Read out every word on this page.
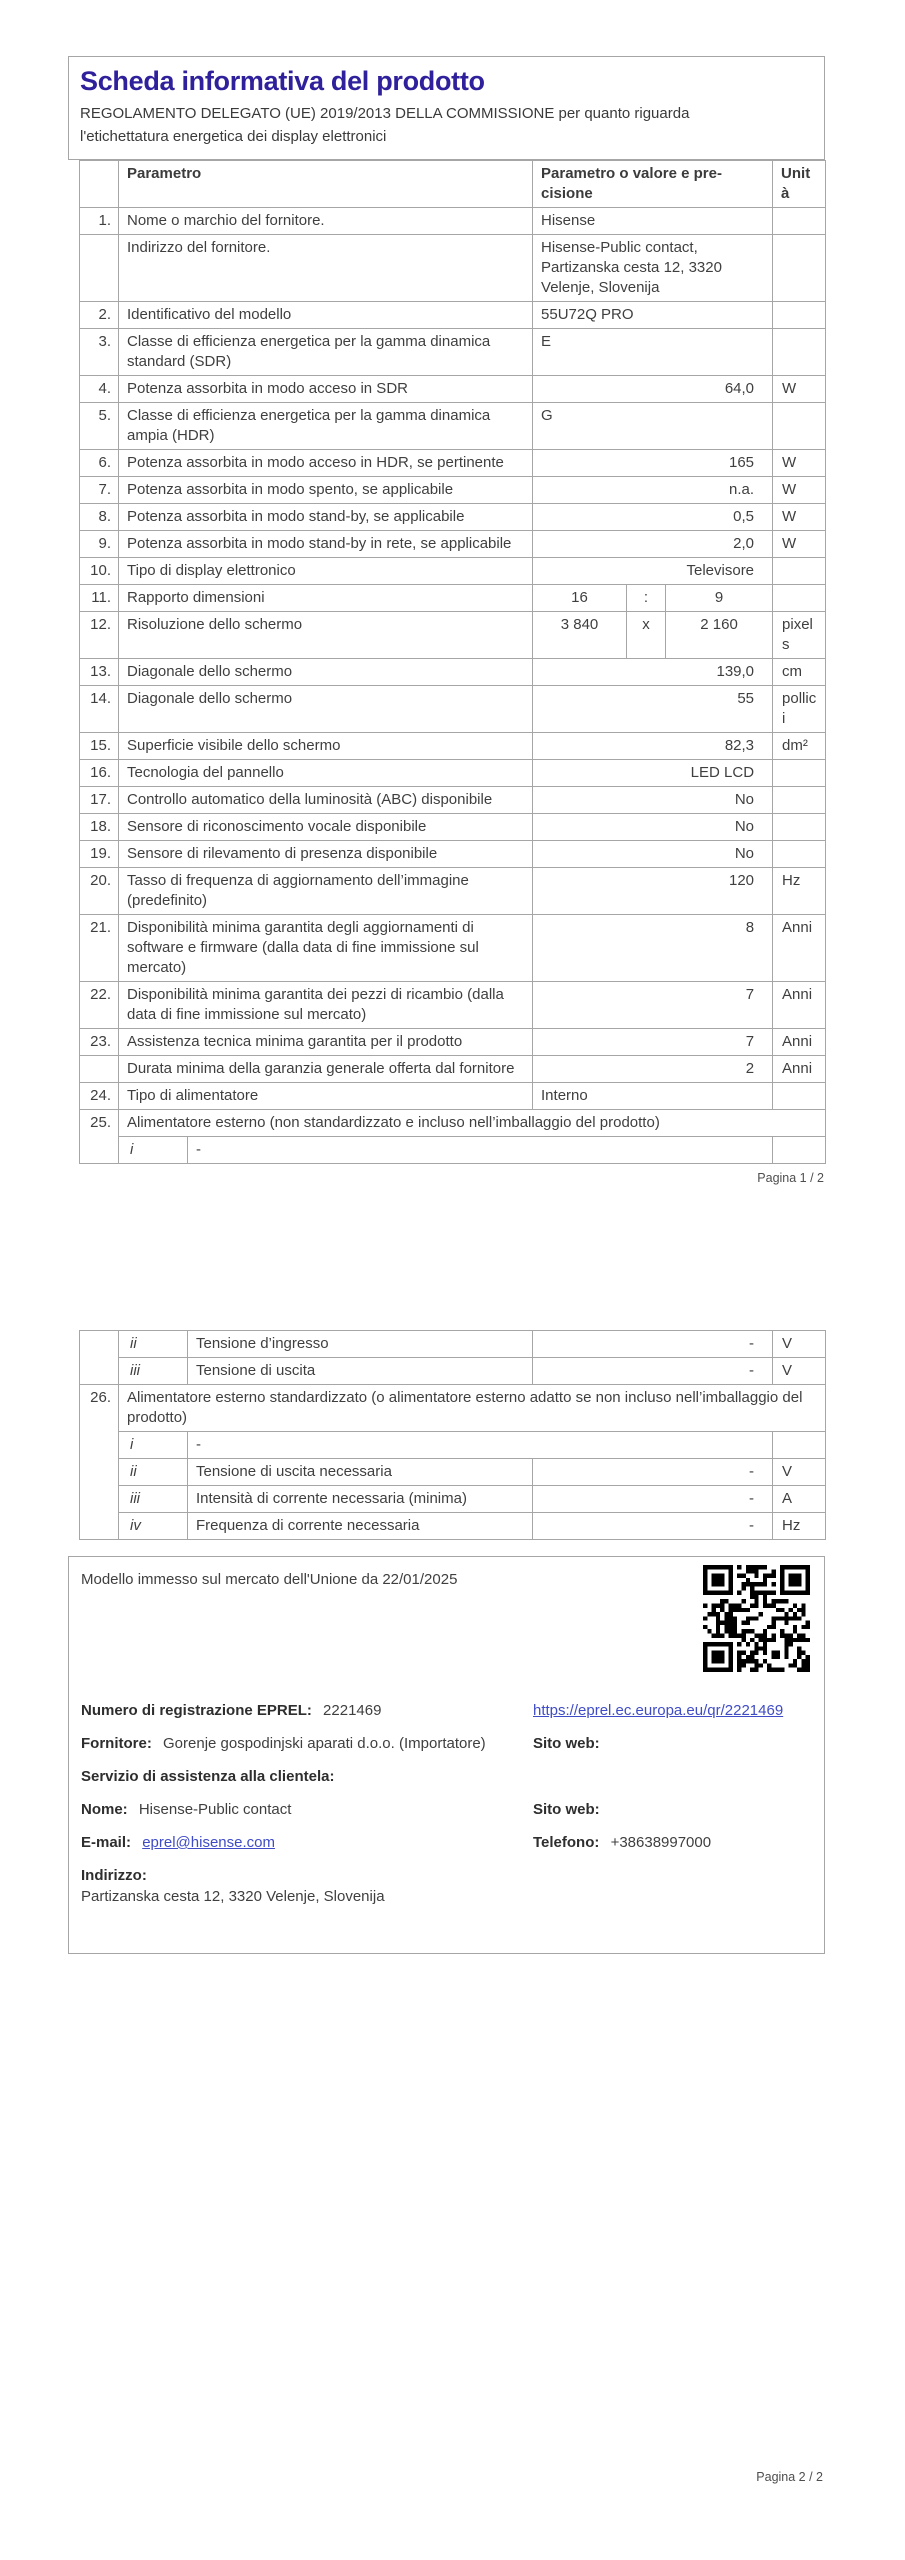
Scheda informativa del prodotto
REGOLAMENTO DELEGATO (UE) 2019/2013 DELLA COMMISSIONE per quanto riguarda
l'etichettatura energetica dei display elettronici
	Parametro		Parametro o valore e precisione			Unità
1.	Nome o marchio del fornitore.		Hisense			
	Indirizzo del fornitore.		Hisense-Public contact, Partizanska cesta 12, 3320 Velenje, Slovenija			
2.	Identificativo del modello		55U72Q PRO			
3.	Classe di efficienza energetica per la gamma dinamica standard (SDR)		E			
4.	Potenza assorbita in modo acceso in SDR		64,0			W
5.	Classe di efficienza energetica per la gamma dinamica ampia (HDR)		G			
6.	Potenza assorbita in modo acceso in HDR, se pertinente		165			W
7.	Potenza assorbita in modo spento, se applicabile		n.a.			W
8.	Potenza assorbita in modo stand-by, se applicabile		0,5			W
9.	Potenza assorbita in modo stand-by in rete, se applicabile		2,0			W
10.	Tipo di display elettronico		Televisore			
11.	Rapporto dimensioni		16	:	9	
12.	Risoluzione dello schermo		3 840	x	2 160	pixels
13.	Diagonale dello schermo		139,0			cm
14.	Diagonale dello schermo		55			pollici
15.	Superficie visibile dello schermo		82,3			dm²
16.	Tecnologia del pannello		LED LCD			
17.	Controllo automatico della luminosità (ABC) disponibile		No			
18.	Sensore di riconoscimento vocale disponibile		No			
19.	Sensore di rilevamento di presenza disponibile		No			
20.	Tasso di frequenza di aggiornamento dell’immagine (predefinito)		120			Hz
21.	Disponibilità minima garantita degli aggiornamenti di software e firmware (dalla data di fine immissione sul mercato)		8			Anni
22.	Disponibilità minima garantita dei pezzi di ricambio (dalla data di fine immissione sul mercato)		7			Anni
23.	Assistenza tecnica minima garantita per il prodotto		7			Anni
	Durata minima della garanzia generale offerta dal fornitore		2			Anni
24.	Tipo di alimentatore		Interno			
25.	Alimentatore esterno (non standardizzato e incluso nell’imballaggio del prodotto)					
	i	-				
Pagina 1 / 2
	ii	Tensione d’ingresso	-	V
	iii	Tensione di uscita	-	V
26.	Alimentatore esterno standardizzato (o alimentatore esterno adatto se non incluso nell’imballaggio del prodotto)			
	i	-		
	ii	Tensione di uscita necessaria	-	V
	iii	Intensità di corrente necessaria (minima)	-	A
	iv	Frequenza di corrente necessaria	-	Hz
Modello immesso sul mercato dell'Unione da 22/01/2025
Numero di registrazione EPREL: 2221469	https://eprel.ec.europa.eu/qr/2221469
Fornitore: Gorenje gospodinjski aparati d.o.o. (Importatore)	Sito web:
Servizio di assistenza alla clientela:
Nome: Hisense-Public contact	Sito web:
E-mail: eprel@hisense.com	Telefono: +38638997000
Indirizzo:
Partizanska cesta 12, 3320 Velenje, Slovenija
Pagina 2 / 2
